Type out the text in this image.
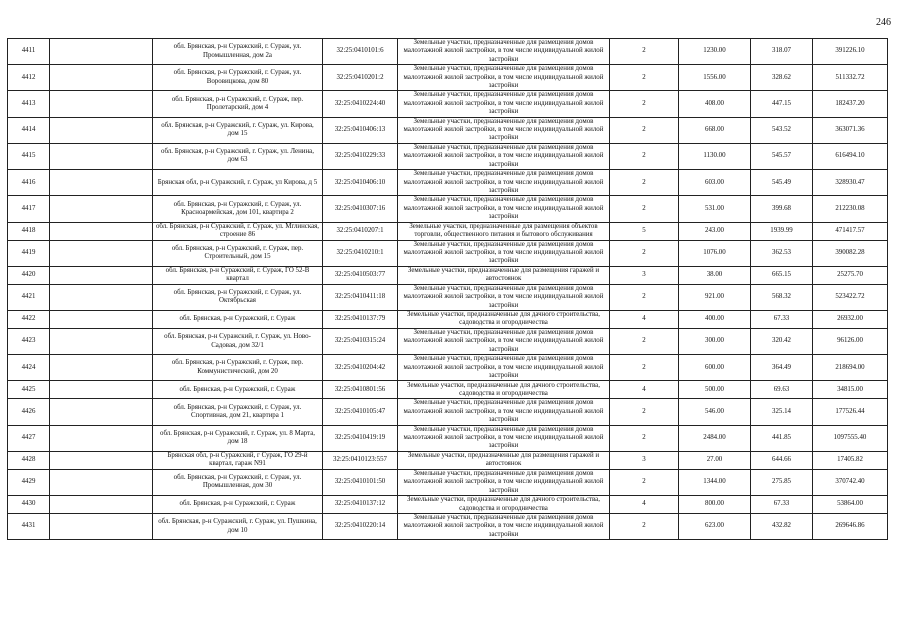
246
4411		обл. Брянская, р-н Суражский, г. Сураж, ул. Промышленная, дом 2а	32:25:0410101:6	Земельные участки, предназначенные для размещения домов малоэтажной жилой застройки, в том числе индивидуальной жилой застройки	2	1230.00	318.07	391226.10
4412		обл. Брянская, р-н Суражский, г. Сураж, ул. Воровицкова, дом 80	32:25:0410201:2	Земельные участки, предназначенные для размещения домов малоэтажной жилой застройки, в том числе индивидуальной жилой застройки	2	1556.00	328.62	511332.72
4413		обл. Брянская, р-н Суражский, г. Сураж, пер. Пролетарский, дом 4	32:25:0410224:40	Земельные участки, предназначенные для размещения домов малоэтажной жилой застройки, в том числе индивидуальной жилой застройки	2	408.00	447.15	182437.20
4414		обл. Брянская, р-н Суражский, г. Сураж, ул. Кирова, дом 15	32:25:0410406:13	Земельные участки, предназначенные для размещения домов малоэтажной жилой застройки, в том числе индивидуальной жилой застройки	2	668.00	543.52	363071.36
4415		обл. Брянская, р-н Суражский, г. Сураж, ул. Ленина, дом 63	32:25:0410229:33	Земельные участки, предназначенные для размещения домов малоэтажной жилой застройки, в том числе индивидуальной жилой застройки	2	1130.00	545.57	616494.10
4416		Брянская обл, р-н Суражский, г. Сураж, ул Кирова, д 5	32:25:0410406:10	Земельные участки, предназначенные для размещения домов малоэтажной жилой застройки, в том числе индивидуальной жилой застройки	2	603.00	545.49	328930.47
4417		обл. Брянская, р-н Суражский, г. Сураж, ул. Красноармейская, дом 101, квартира 2	32:25:0410307:16	Земельные участки, предназначенные для размещения домов малоэтажной жилой застройки, в том числе индивидуальной жилой застройки	2	531.00	399.68	212230.08
4418		обл. Брянская, р-н Суражский, г. Сураж, ул. Мглинская, строение 86	32:25:0410207:1	Земельные участки, предназначенные для размещения объектов торговли, общественного питания и бытового обслуживания	5	243.00	1939.99	471417.57
4419		обл. Брянская, р-н Суражский, г. Сураж, пер. Строительный, дом 15	32:25:0410210:1	Земельные участки, предназначенные для размещения домов малоэтажной жилой застройки, в том числе индивидуальной жилой застройки	2	1076.00	362.53	390082.28
4420		обл. Брянская, р-н Суражский, г. Сураж, ГО 52-В квартал	32:25:0410503:77	Земельные участки, предназначенные для размещения гаражей и автостоянок	3	38.00	665.15	25275.70
4421		обл. Брянская, р-н Суражский, г. Сураж, ул. Октябрьская	32:25:0410411:18	Земельные участки, предназначенные для размещения домов малоэтажной жилой застройки, в том числе индивидуальной жилой застройки	2	921.00	568.32	523422.72
4422		обл. Брянская, р-н Суражский, г. Сураж	32:25:0410137:79	Земельные участки, предназначенные для дачного строительства, садоводства и огородничества	4	400.00	67.33	26932.00
4423		обл. Брянская, р-н Суражский, г. Сураж, ул. Ново-Садовая, дом 32/1	32:25:0410315:24	Земельные участки, предназначенные для размещения домов малоэтажной жилой застройки, в том числе индивидуальной жилой застройки	2	300.00	320.42	96126.00
4424		обл. Брянская, р-н Суражский, г. Сураж, пер. Коммунистический, дом 20	32:25:0410204:42	Земельные участки, предназначенные для размещения домов малоэтажной жилой застройки, в том числе индивидуальной жилой застройки	2	600.00	364.49	218694.00
4425		обл. Брянская, р-н Суражский, г. Сураж	32:25:0410801:56	Земельные участки, предназначенные для дачного строительства, садоводства и огородничества	4	500.00	69.63	34815.00
4426		обл. Брянская, р-н Суражский, г. Сураж, ул. Спортивная, дом 21, квартира 1	32:25:0410105:47	Земельные участки, предназначенные для размещения домов малоэтажной жилой застройки, в том числе индивидуальной жилой застройки	2	546.00	325.14	177526.44
4427		обл. Брянская, р-н Суражский, г. Сураж, ул. 8 Марта, дом 18	32:25:0410419:19	Земельные участки, предназначенные для размещения домов малоэтажной жилой застройки, в том числе индивидуальной жилой застройки	2	2484.00	441.85	1097555.40
4428		Брянская обл, р-н Суражский, г Сураж, ГО 29-й квартал, гараж N91	32:25:0410123:557	Земельные участки, предназначенные для размещения гаражей и автостоянок	3	27.00	644.66	17405.82
4429		обл. Брянская, р-н Суражский, г. Сураж, ул. Промышленная, дом 30	32:25:0410101:50	Земельные участки, предназначенные для размещения домов малоэтажной жилой застройки, в том числе индивидуальной жилой застройки	2	1344.00	275.85	370742.40
4430		обл. Брянская, р-н Суражский, г. Сураж	32:25:0410137:12	Земельные участки, предназначенные для дачного строительства, садоводства и огородничества	4	800.00	67.33	53864.00
4431		обл. Брянская, р-н Суражский, г. Сураж, ул. Пушкина, дом 10	32:25:0410220:14	Земельные участки, предназначенные для размещения домов малоэтажной жилой застройки, в том числе индивидуальной жилой застройки	2	623.00	432.82	269646.86
